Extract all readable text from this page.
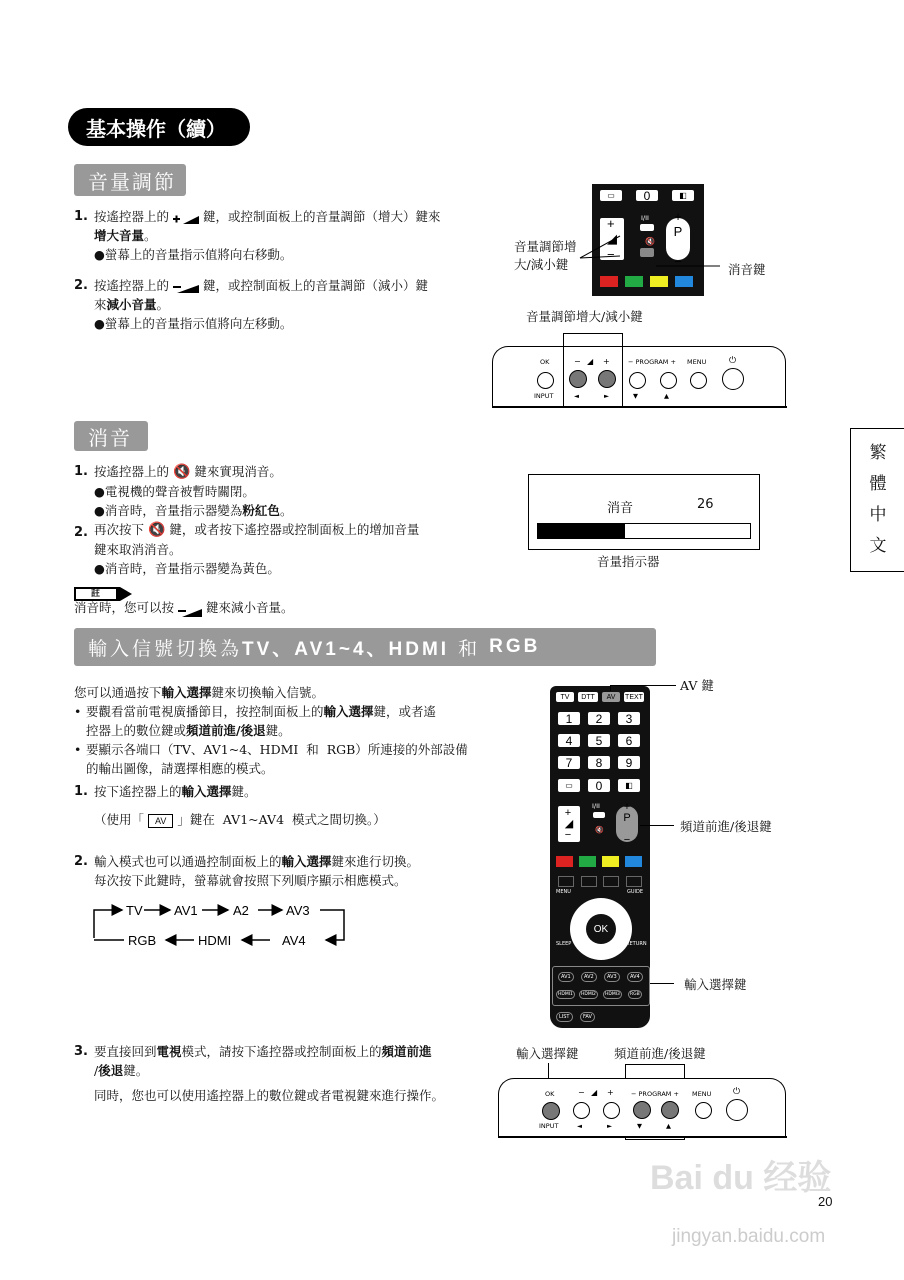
基本操作（續）
音量調節
1. 按遙控器上的	鍵，或控制面板上的音量調節（增大）鍵來
增大音量。
●螢幕上的音量指示值將向右移動。
2. 按遙控器上的	鍵，或控制面板上的音量調節（減小）鍵
來減小音量。
●螢幕上的音量指示值將向左移動。
▭	0	◧
+
◢
−
I/II
🔇
+

P

−
音量調節增
大/減小鍵	消音鍵
音量調節增大/減小鍵
OK
INPUT
− ◢ +
◄	►
− PROGRAM +
▼	▲
MENU	⏻
消音
1. 按遙控器上的 🔇 鍵來實現消音。
●電視機的聲音被暫時關閉。
●消音時，音量指示器變為粉紅色。
2. 再次按下 🔇 鍵，或者按下遙控器或控制面板上的增加音量
鍵來取消消音。
●消音時，音量指示器變為黃色。
註
消音時，您可以按	鍵來減小音量。
消音	26
音量指示器
繁
體
中
文
輸入信號切換為 TV、AV1~4、HDMI 和 RGB
您可以通過按下輸入選擇鍵來切換輸入信號。
• 要觀看當前電視廣播節目，按控制面板上的輸入選擇鍵，或者遙
控器上的數位鍵或頻道前進/後退鍵。
• 要顯示各端口（TV、AV1~4、HDMI  和  RGB）所連接的外部設備
的輸出圖像，請選擇相應的模式。
1. 按下遙控器上的輸入選擇鍵。
（使用「 AV 」鍵在  AV1~AV4  模式之間切換。）
2. 輸入模式也可以通過控制面板上的輸入選擇鍵來進行切換。
每次按下此鍵時，螢幕就會按照下列順序顯示相應模式。
TV AV1	A2	AV3
AV4
HDMI
RGB
3. 要直接回到電視模式，請按下遙控器或控制面板上的頻道前進
/後退鍵。
同時，您也可以使用遙控器上的數位鍵或者電視鍵來進行操作。
TV	DTT	AV	TEXT
1	2	3
4	5	6
7	8	9
▭	0	◧
+
◢
−
I/II
🔇
+

P

−
MENU	GUIDE
OK
SLEEP	RETURN
AV1	AV2	AV3	AV4
HDMI1	HDMI2	HDMI3	RGB
LIST	FAV
AV 鍵
頻道前進/後退鍵
輸入選擇鍵
輸入選擇鍵	頻道前進/後退鍵
OK
INPUT
− ◢ +
◄	►
− PROGRAM +
▼	▲
MENU ⏻
20
Bai du 经验
jingyan.baidu.com
